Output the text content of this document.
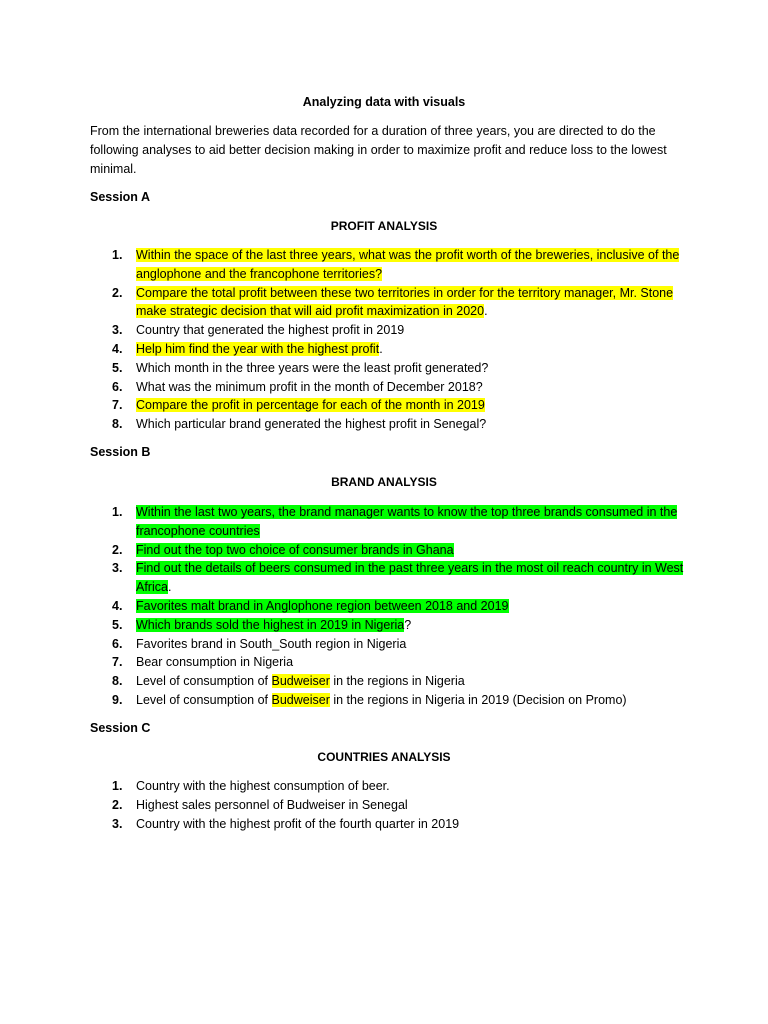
Analyzing data with visuals
From the international breweries data recorded for a duration of three years, you are directed to do the following analyses to aid better decision making in order to maximize profit and reduce loss to the lowest minimal.
Session A
PROFIT ANALYSIS
1. Within the space of the last three years, what was the profit worth of the breweries, inclusive of the anglophone and the francophone territories?
2. Compare the total profit between these two territories in order for the territory manager, Mr. Stone make strategic decision that will aid profit maximization in 2020.
3. Country that generated the highest profit in 2019
4. Help him find the year with the highest profit.
5. Which month in the three years were the least profit generated?
6. What was the minimum profit in the month of December 2018?
7. Compare the profit in percentage for each of the month in 2019
8. Which particular brand generated the highest profit in Senegal?
Session B
BRAND ANALYSIS
1. Within the last two years, the brand manager wants to know the top three brands consumed in the francophone countries
2. Find out the top two choice of consumer brands in Ghana
3. Find out the details of beers consumed in the past three years in the most oil reach country in West Africa.
4. Favorites malt brand in Anglophone region between 2018 and 2019
5. Which brands sold the highest in 2019 in Nigeria?
6. Favorites brand in South_South region in Nigeria
7. Bear consumption in Nigeria
8. Level of consumption of Budweiser in the regions in Nigeria
9. Level of consumption of Budweiser in the regions in Nigeria in 2019 (Decision on Promo)
Session C
COUNTRIES ANALYSIS
1. Country with the highest consumption of beer.
2. Highest sales personnel of Budweiser in Senegal
3. Country with the highest profit of the fourth quarter in 2019
